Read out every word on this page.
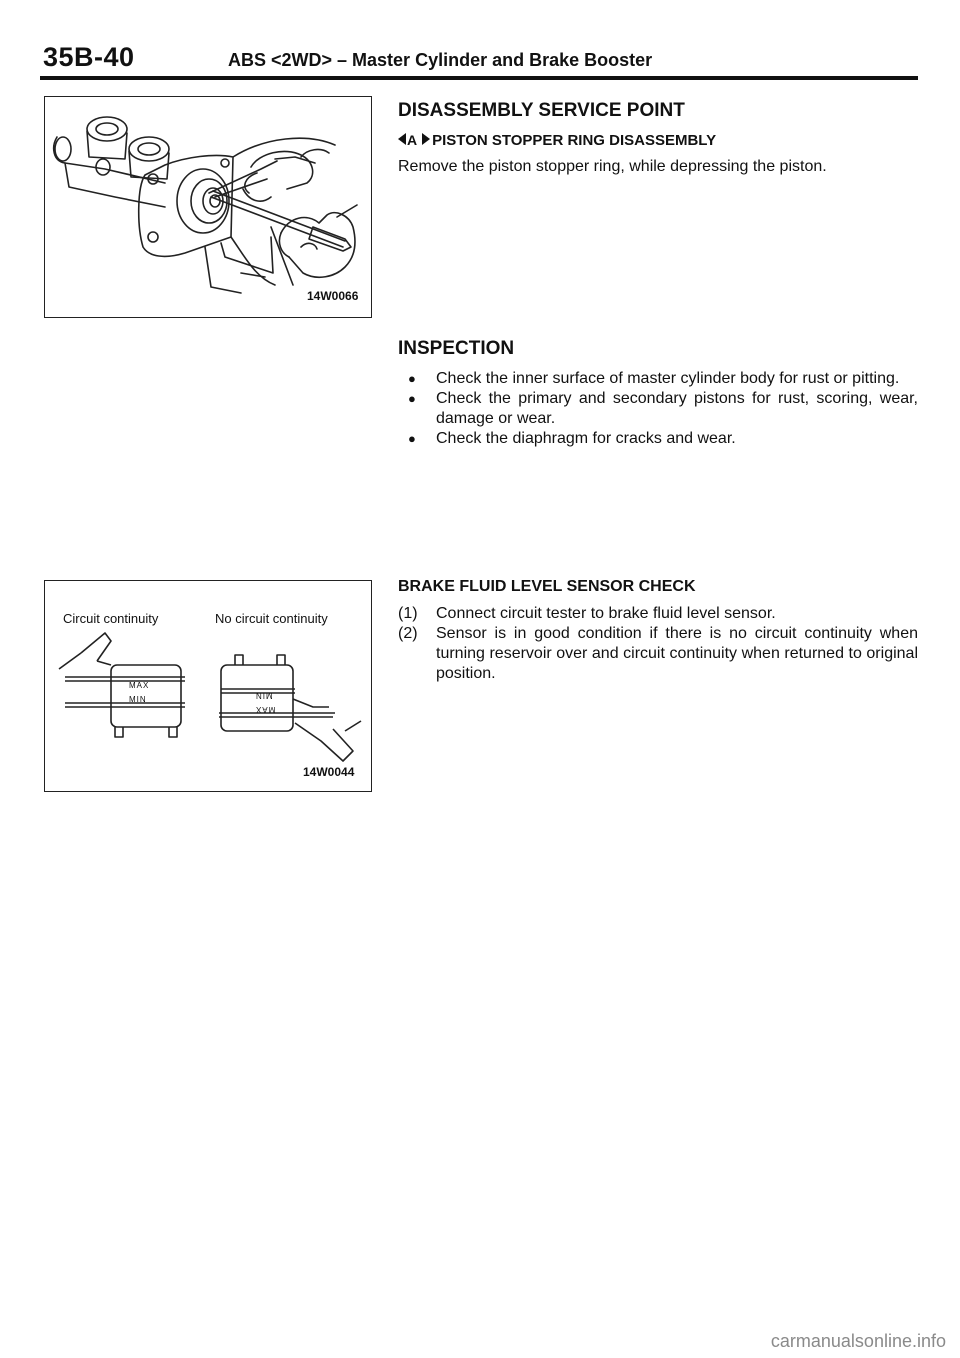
35B-40	ABS <2WD> – Master Cylinder and Brake Booster
14W0066
Circuit continuity	No circuit continuity
MAX
MIN	MIN
MAX
14W0044
DISASSEMBLY SERVICE POINT
A PISTON STOPPER RING DISASSEMBLY

Remove the piston stopper ring, while depressing the piston.

INSPECTION
●	Check the inner surface of master cylinder body for rust or pitting.
●	Check the primary and secondary pistons for rust, scoring, wear, damage or wear.
●	Check the diaphragm for cracks and wear.
BRAKE FLUID LEVEL SENSOR CHECK
(1)	Connect circuit tester to brake fluid level sensor.
(2)	Sensor is in good condition if there is no circuit continuity when turning reservoir over and circuit continuity when returned to original position.
carmanualsonline.info
